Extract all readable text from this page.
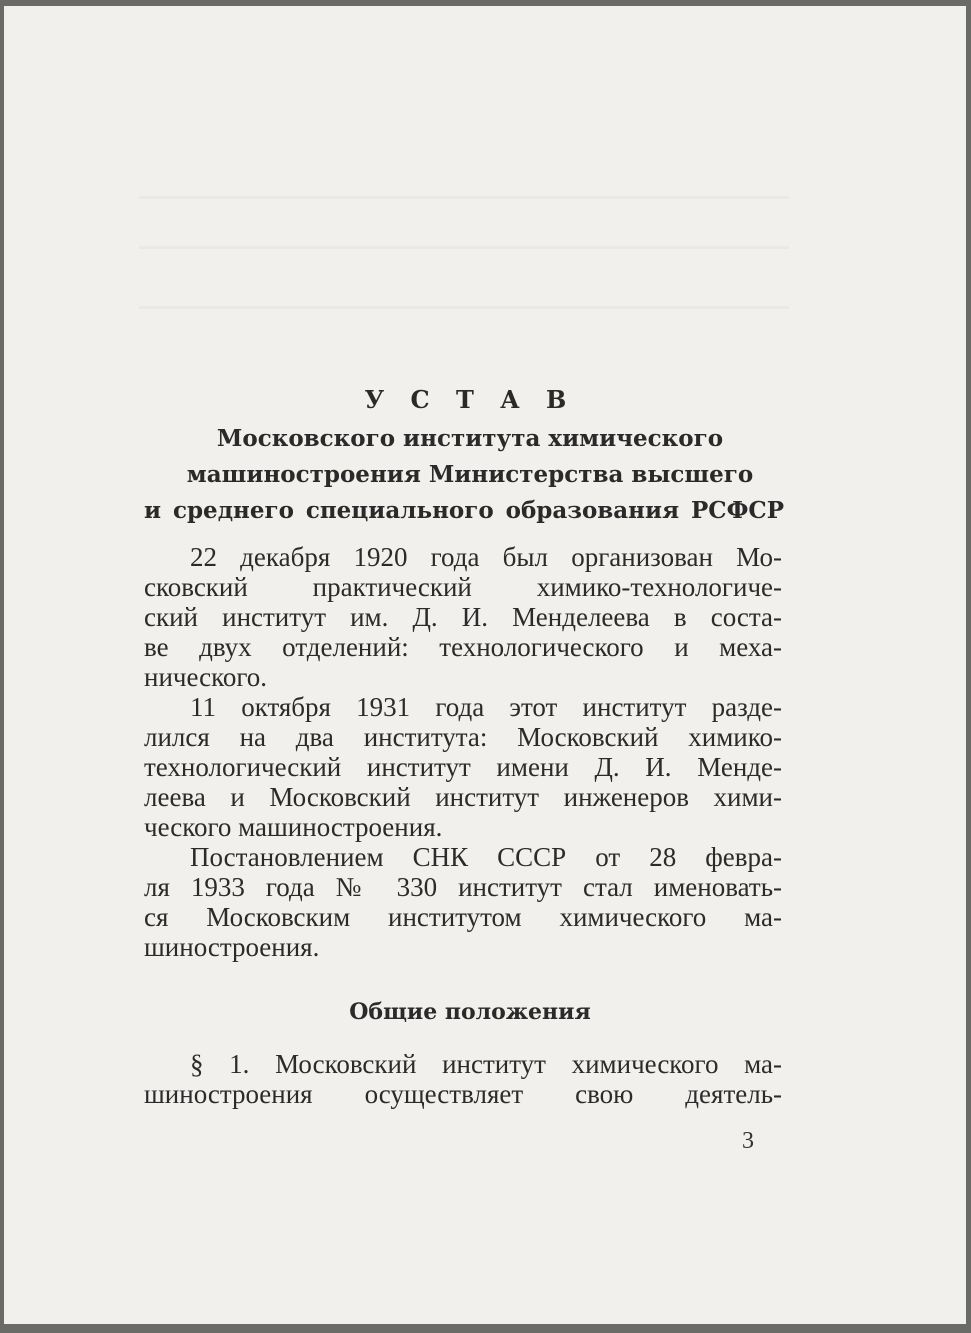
У С Т А В
Московского института химического
машиностроения Министерства высшего
и среднего специального образования РСФСР
22 декабря 1920 года был организован Мо-
сковский практический химико-технологиче-
ский институт им. Д. И. Менделеева в соста-
ве двух отделений: технологического и меха-
нического.
11 октября 1931 года этот институт разде-
лился на два института: Московский химико-
технологический институт имени Д. И. Менде-
леева и Московский институт инженеров хими-
ческого машиностроения.
Постановлением СНК СССР от 28 февра-
ля 1933 года № 330 институт стал именовать-
ся Московским институтом химического ма-
шиностроения.
Общие положения
§ 1. Московский институт химического ма-
шиностроения осуществляет свою деятель-
3
